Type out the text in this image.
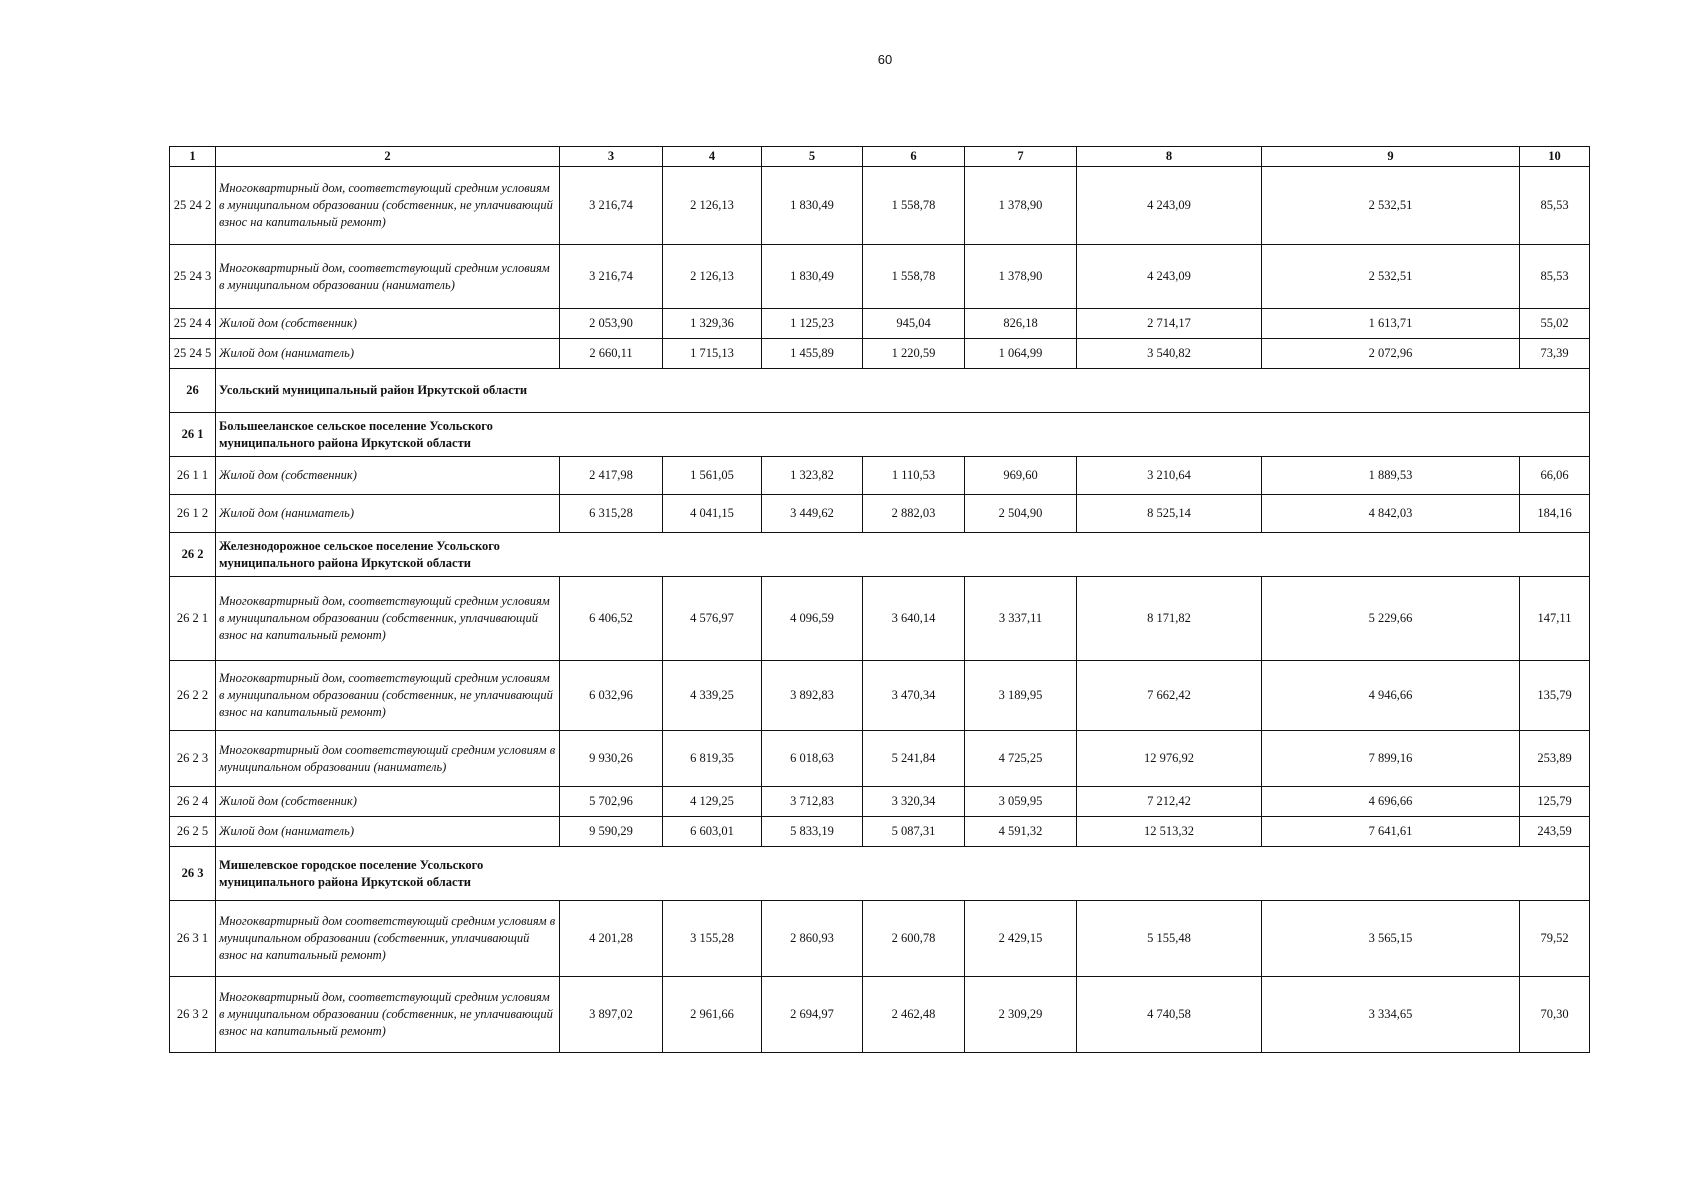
60
1	2	3	4	5	6	7	8	9	10
25 24 2	Многоквартирный дом, соответствующий средним условиям в муниципальном образовании (собственник, не уплачивающий взнос на капитальный ремонт)	3 216,74	2 126,13	1 830,49	1 558,78	1 378,90	4 243,09	2 532,51	85,53
25 24 3	Многоквартирный дом, соответствующий средним условиям в муниципальном образовании (наниматель)	3 216,74	2 126,13	1 830,49	1 558,78	1 378,90	4 243,09	2 532,51	85,53
25 24 4	Жилой дом (собственник)	2 053,90	1 329,36	1 125,23	945,04	826,18	2 714,17	1 613,71	55,02
25 24 5	Жилой дом (наниматель)	2 660,11	1 715,13	1 455,89	1 220,59	1 064,99	3 540,82	2 072,96	73,39
26	Усольский муниципальный район Иркутской области								

26 1	Большееланское сельское поселение Усольского муниципального района Иркутской области								

26 1 1	Жилой дом (собственник)	2 417,98	1 561,05	1 323,82	1 110,53	969,60	3 210,64	1 889,53	66,06
26 1 2	Жилой дом (наниматель)	6 315,28	4 041,15	3 449,62	2 882,03	2 504,90	8 525,14	4 842,03	184,16
26 2	Железнодорожное сельское поселение Усольского муниципального района Иркутской области								

26 2 1	Многоквартирный дом, соответствующий средним условиям в муниципальном образовании (собственник, уплачивающий взнос на капитальный ремонт)	6 406,52	4 576,97	4 096,59	3 640,14	3 337,11	8 171,82	5 229,66	147,11
26 2 2	Многоквартирный дом, соответствующий средним условиям в муниципальном образовании (собственник, не уплачивающий взнос на капитальный ремонт)	6 032,96	4 339,25	3 892,83	3 470,34	3 189,95	7 662,42	4 946,66	135,79
26 2 3	Многоквартирный дом соответствующий средним условиям в муниципальном образовании (наниматель)	9 930,26	6 819,35	6 018,63	5 241,84	4 725,25	12 976,92	7 899,16	253,89
26 2 4	Жилой дом (собственник)	5 702,96	4 129,25	3 712,83	3 320,34	3 059,95	7 212,42	4 696,66	125,79
26 2 5	Жилой дом (наниматель)	9 590,29	6 603,01	5 833,19	5 087,31	4 591,32	12 513,32	7 641,61	243,59
26 3	Мишелевское городское поселение Усольского муниципального района Иркутской области								

26 3 1	Многоквартирный дом соответствующий средним условиям в муниципальном образовании (собственник, уплачивающий взнос на капитальный ремонт)	4 201,28	3 155,28	2 860,93	2 600,78	2 429,15	5 155,48	3 565,15	79,52
26 3 2	Многоквартирный дом, соответствующий средним условиям в муниципальном образовании (собственник, не уплачивающий взнос на капитальный ремонт)	3 897,02	2 961,66	2 694,97	2 462,48	2 309,29	4 740,58	3 334,65	70,30
